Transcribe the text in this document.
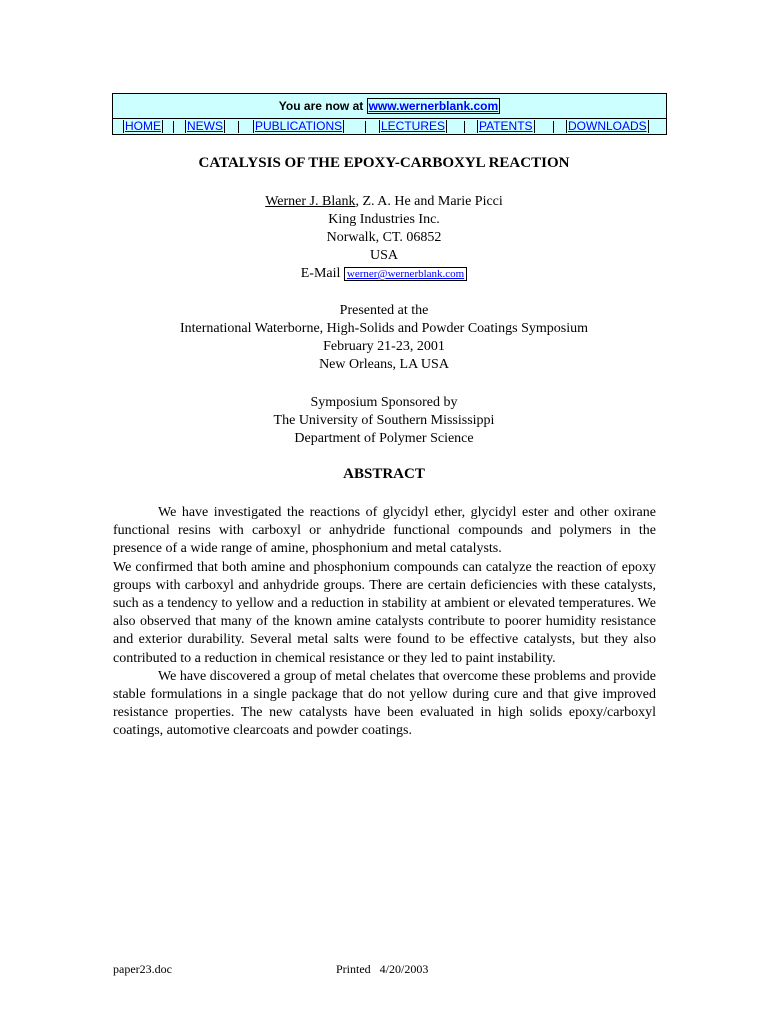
You are now at www.wernerblank.com
HOME NEWS	PUBLICATIONS	LECTURES	PATENTS	DOWNLOADS
CATALYSIS OF THE EPOXY-CARBOXYL REACTION
Werner J. Blank, Z. A. He and Marie Picci
King Industries Inc.
Norwalk, CT. 06852
USA
E-Mail werner@wernerblank.com
Presented at the
International Waterborne, High-Solids and Powder Coatings Symposium
February 21-23, 2001
New Orleans, LA USA
Symposium Sponsored by
The University of Southern Mississippi
Department of Polymer Science
ABSTRACT

We have investigated the reactions of glycidyl ether, glycidyl ester and other oxirane functional resins with carboxyl or anhydride functional compounds and polymers in the presence of a wide range of amine, phosphonium and metal catalysts.

We confirmed that both amine and phosphonium compounds can catalyze the reaction of epoxy groups with carboxyl and anhydride groups. There are certain deficiencies with these catalysts, such as a tendency to yellow and a reduction in stability at ambient or elevated temperatures. We also observed that many of the known amine catalysts contribute to poorer humidity resistance and exterior durability. Several metal salts were found to be effective catalysts, but they also contributed to a reduction in chemical resistance or they led to paint instability.

We have discovered a group of metal chelates that overcome these problems and provide stable formulations in a single package that do not yellow during cure and that give improved resistance properties. The new catalysts have been evaluated in high solids epoxy/carboxyl coatings, automotive clearcoats and powder coatings.

paper23.doc	Printed   4/20/2003
